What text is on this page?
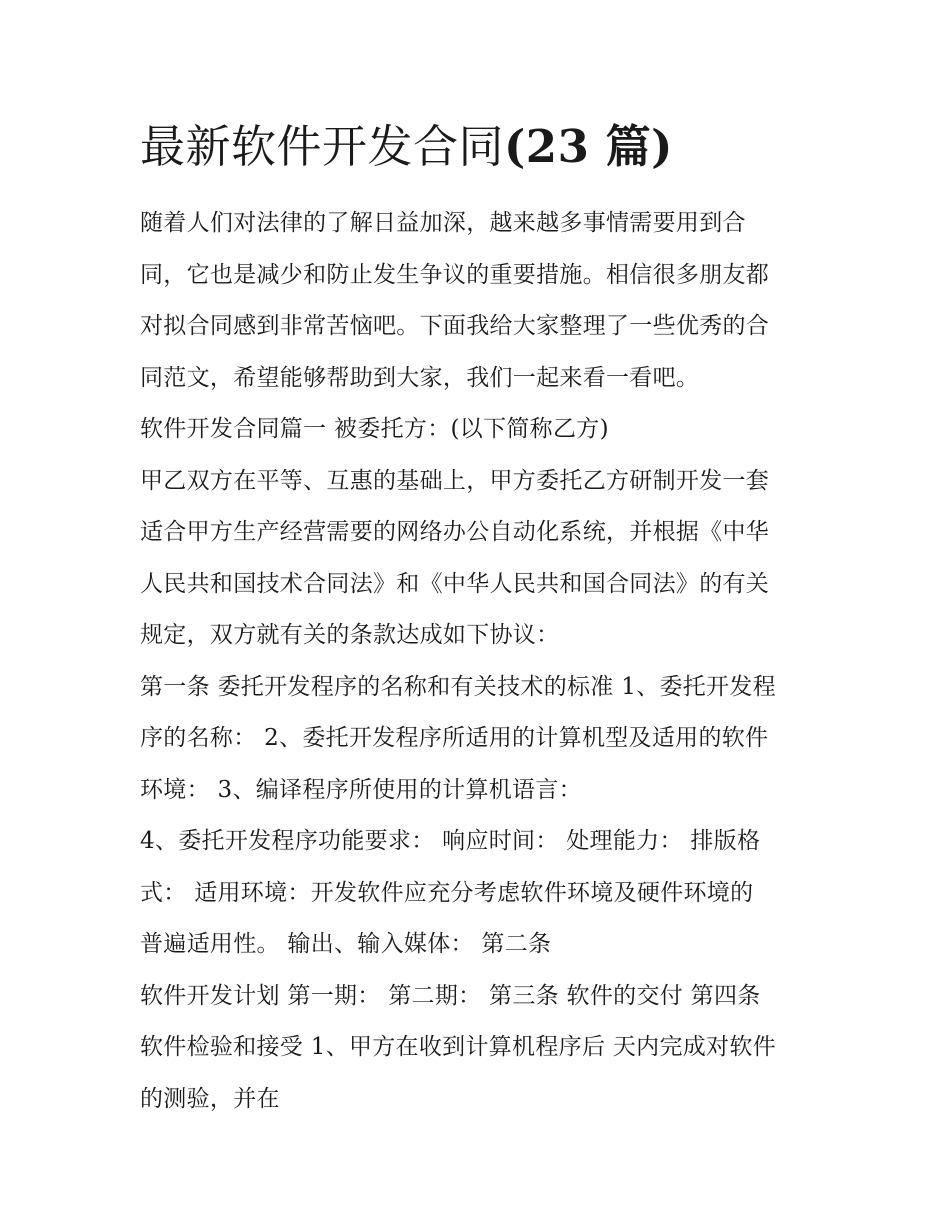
最新软件开发合同(23 篇)

随着人们对法律的了解日益加深，越来越多事情需要用到合
同，它也是减少和防止发生争议的重要措施。相信很多朋友都
对拟合同感到非常苦恼吧。下面我给大家整理了一些优秀的合
同范文，希望能够帮助到大家，我们一起来看一看吧。

软件开发合同篇一 被委托方：(以下简称乙方)

甲乙双方在平等、互惠的基础上，甲方委托乙方研制开发一套
适合甲方生产经营需要的网络办公自动化系统，并根据《中华
人民共和国技术合同法》和《中华人民共和国合同法》的有关
规定，双方就有关的条款达成如下协议：

第一条 委托开发程序的名称和有关技术的标准 1、委托开发程
序的名称： 2、委托开发程序所适用的计算机型及适用的软件
环境： 3、编译程序所使用的计算机语言：

4、委托开发程序功能要求： 响应时间： 处理能力： 排版格
式： 适用环境：开发软件应充分考虑软件环境及硬件环境的
普遍适用性。 输出、输入媒体： 第二条

软件开发计划 第一期： 第二期： 第三条 软件的交付 第四条
软件检验和接受 1、甲方在收到计算机程序后 天内完成对软件
的测验，并在
